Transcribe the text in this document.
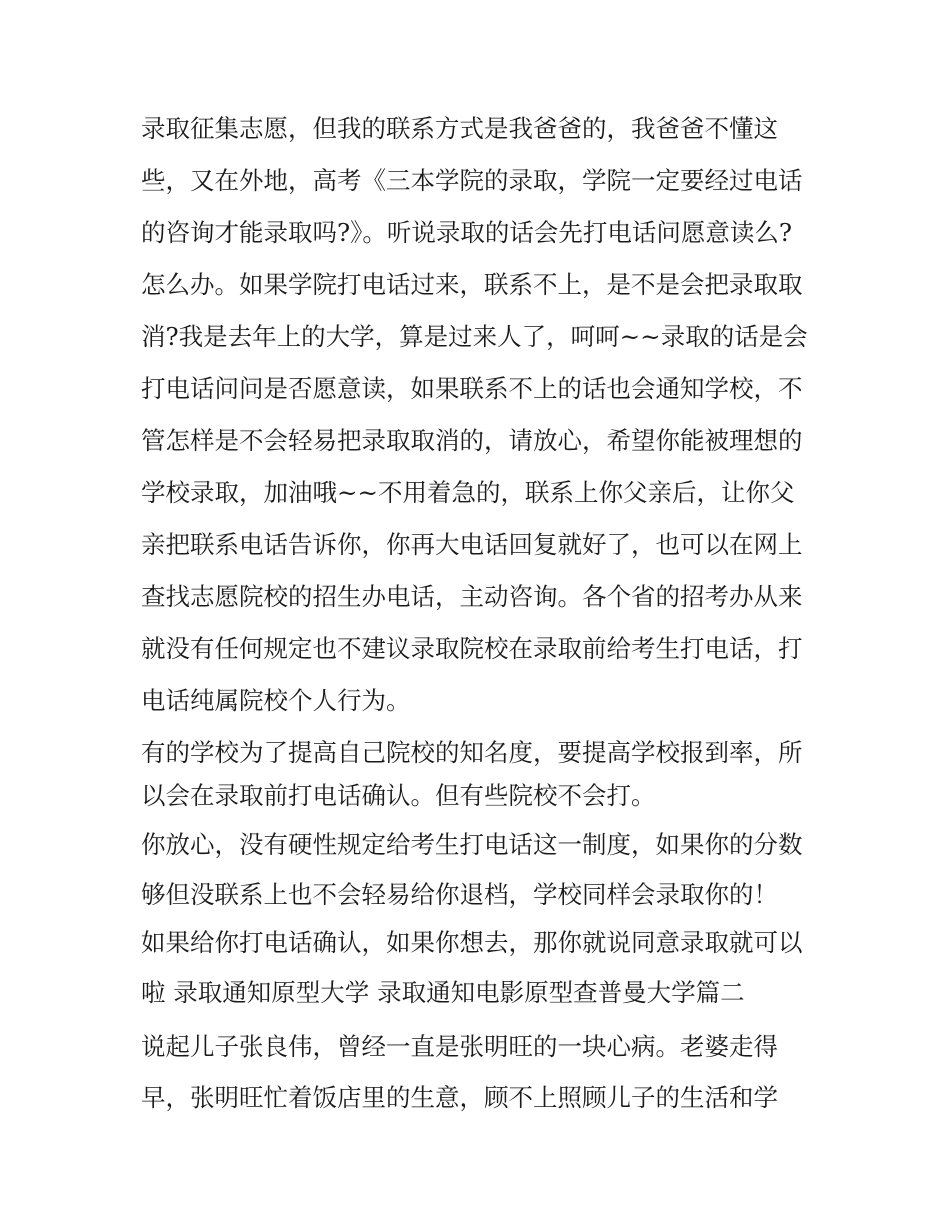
录取征集志愿，但我的联系方式是我爸爸的，我爸爸不懂这

些，又在外地，高考《三本学院的录取，学院一定要经过电话

的咨询才能录取吗?》。听说录取的话会先打电话问愿意读么?

怎么办。如果学院打电话过来，联系不上，是不是会把录取取

消?我是去年上的大学，算是过来人了，呵呵~~录取的话是会

打电话问问是否愿意读，如果联系不上的话也会通知学校，不

管怎样是不会轻易把录取取消的，请放心，希望你能被理想的

学校录取，加油哦~~不用着急的，联系上你父亲后，让你父

亲把联系电话告诉你，你再大电话回复就好了，也可以在网上

查找志愿院校的招生办电话，主动咨询。各个省的招考办从来

就没有任何规定也不建议录取院校在录取前给考生打电话，打

电话纯属院校个人行为。

有的学校为了提高自己院校的知名度，要提高学校报到率，所

以会在录取前打电话确认。但有些院校不会打。

你放心，没有硬性规定给考生打电话这一制度，如果你的分数

够但没联系上也不会轻易给你退档，学校同样会录取你的！

如果给你打电话确认，如果你想去，那你就说同意录取就可以

啦 录取通知原型大学 录取通知电影原型查普曼大学篇二

说起儿子张良伟，曾经一直是张明旺的一块心病。老婆走得

早，张明旺忙着饭店里的生意，顾不上照顾儿子的生活和学
